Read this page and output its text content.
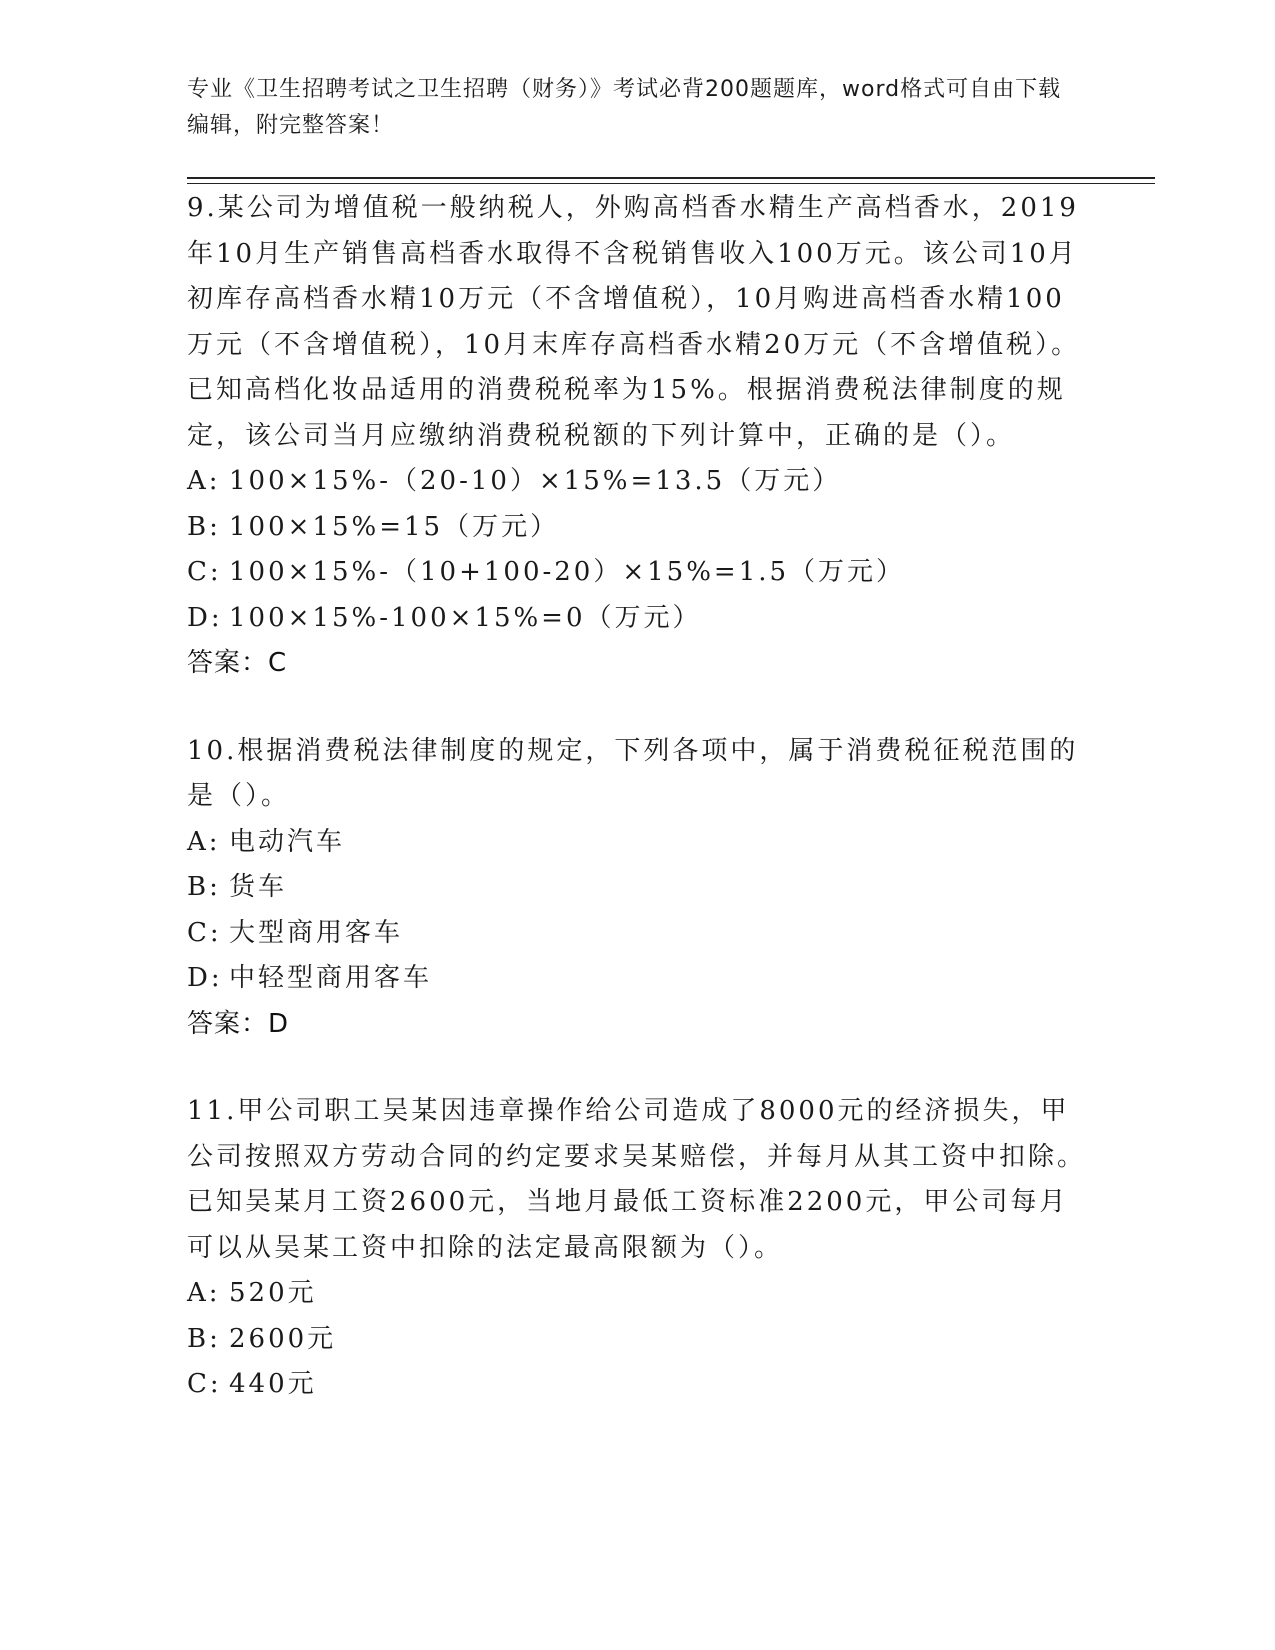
专业《卫生招聘考试之卫生招聘（财务）》考试必背200题题库，word格式可自由下载编辑，附完整答案！

9.某公司为增值税一般纳税人，外购高档香水精生产高档香水，2019年10月生产销售高档香水取得不含税销售收入100万元。该公司10月初库存高档香水精10万元（不含增值税），10月购进高档香水精100万元（不含增值税），10月末库存高档香水精20万元（不含增值税）。已知高档化妆品适用的消费税税率为15%。根据消费税法律制度的规定，该公司当月应缴纳消费税税额的下列计算中，正确的是（）。

A: 100×15%-（20-10）×15%=13.5（万元）
B: 100×15%=15（万元）
C: 100×15%-（10+100-20）×15%=1.5（万元）
D: 100×15%-100×15%=0（万元）

答案：C

10.根据消费税法律制度的规定，下列各项中，属于消费税征税范围的是（）。

A: 电动汽车
B: 货车
C: 大型商用客车
D: 中轻型商用客车

答案：D

11.甲公司职工吴某因违章操作给公司造成了8000元的经济损失，甲公司按照双方劳动合同的约定要求吴某赔偿，并每月从其工资中扣除。已知吴某月工资2600元，当地月最低工资标准2200元，甲公司每月可以从吴某工资中扣除的法定最高限额为（）。

A: 520元
B: 2600元
C: 440元
